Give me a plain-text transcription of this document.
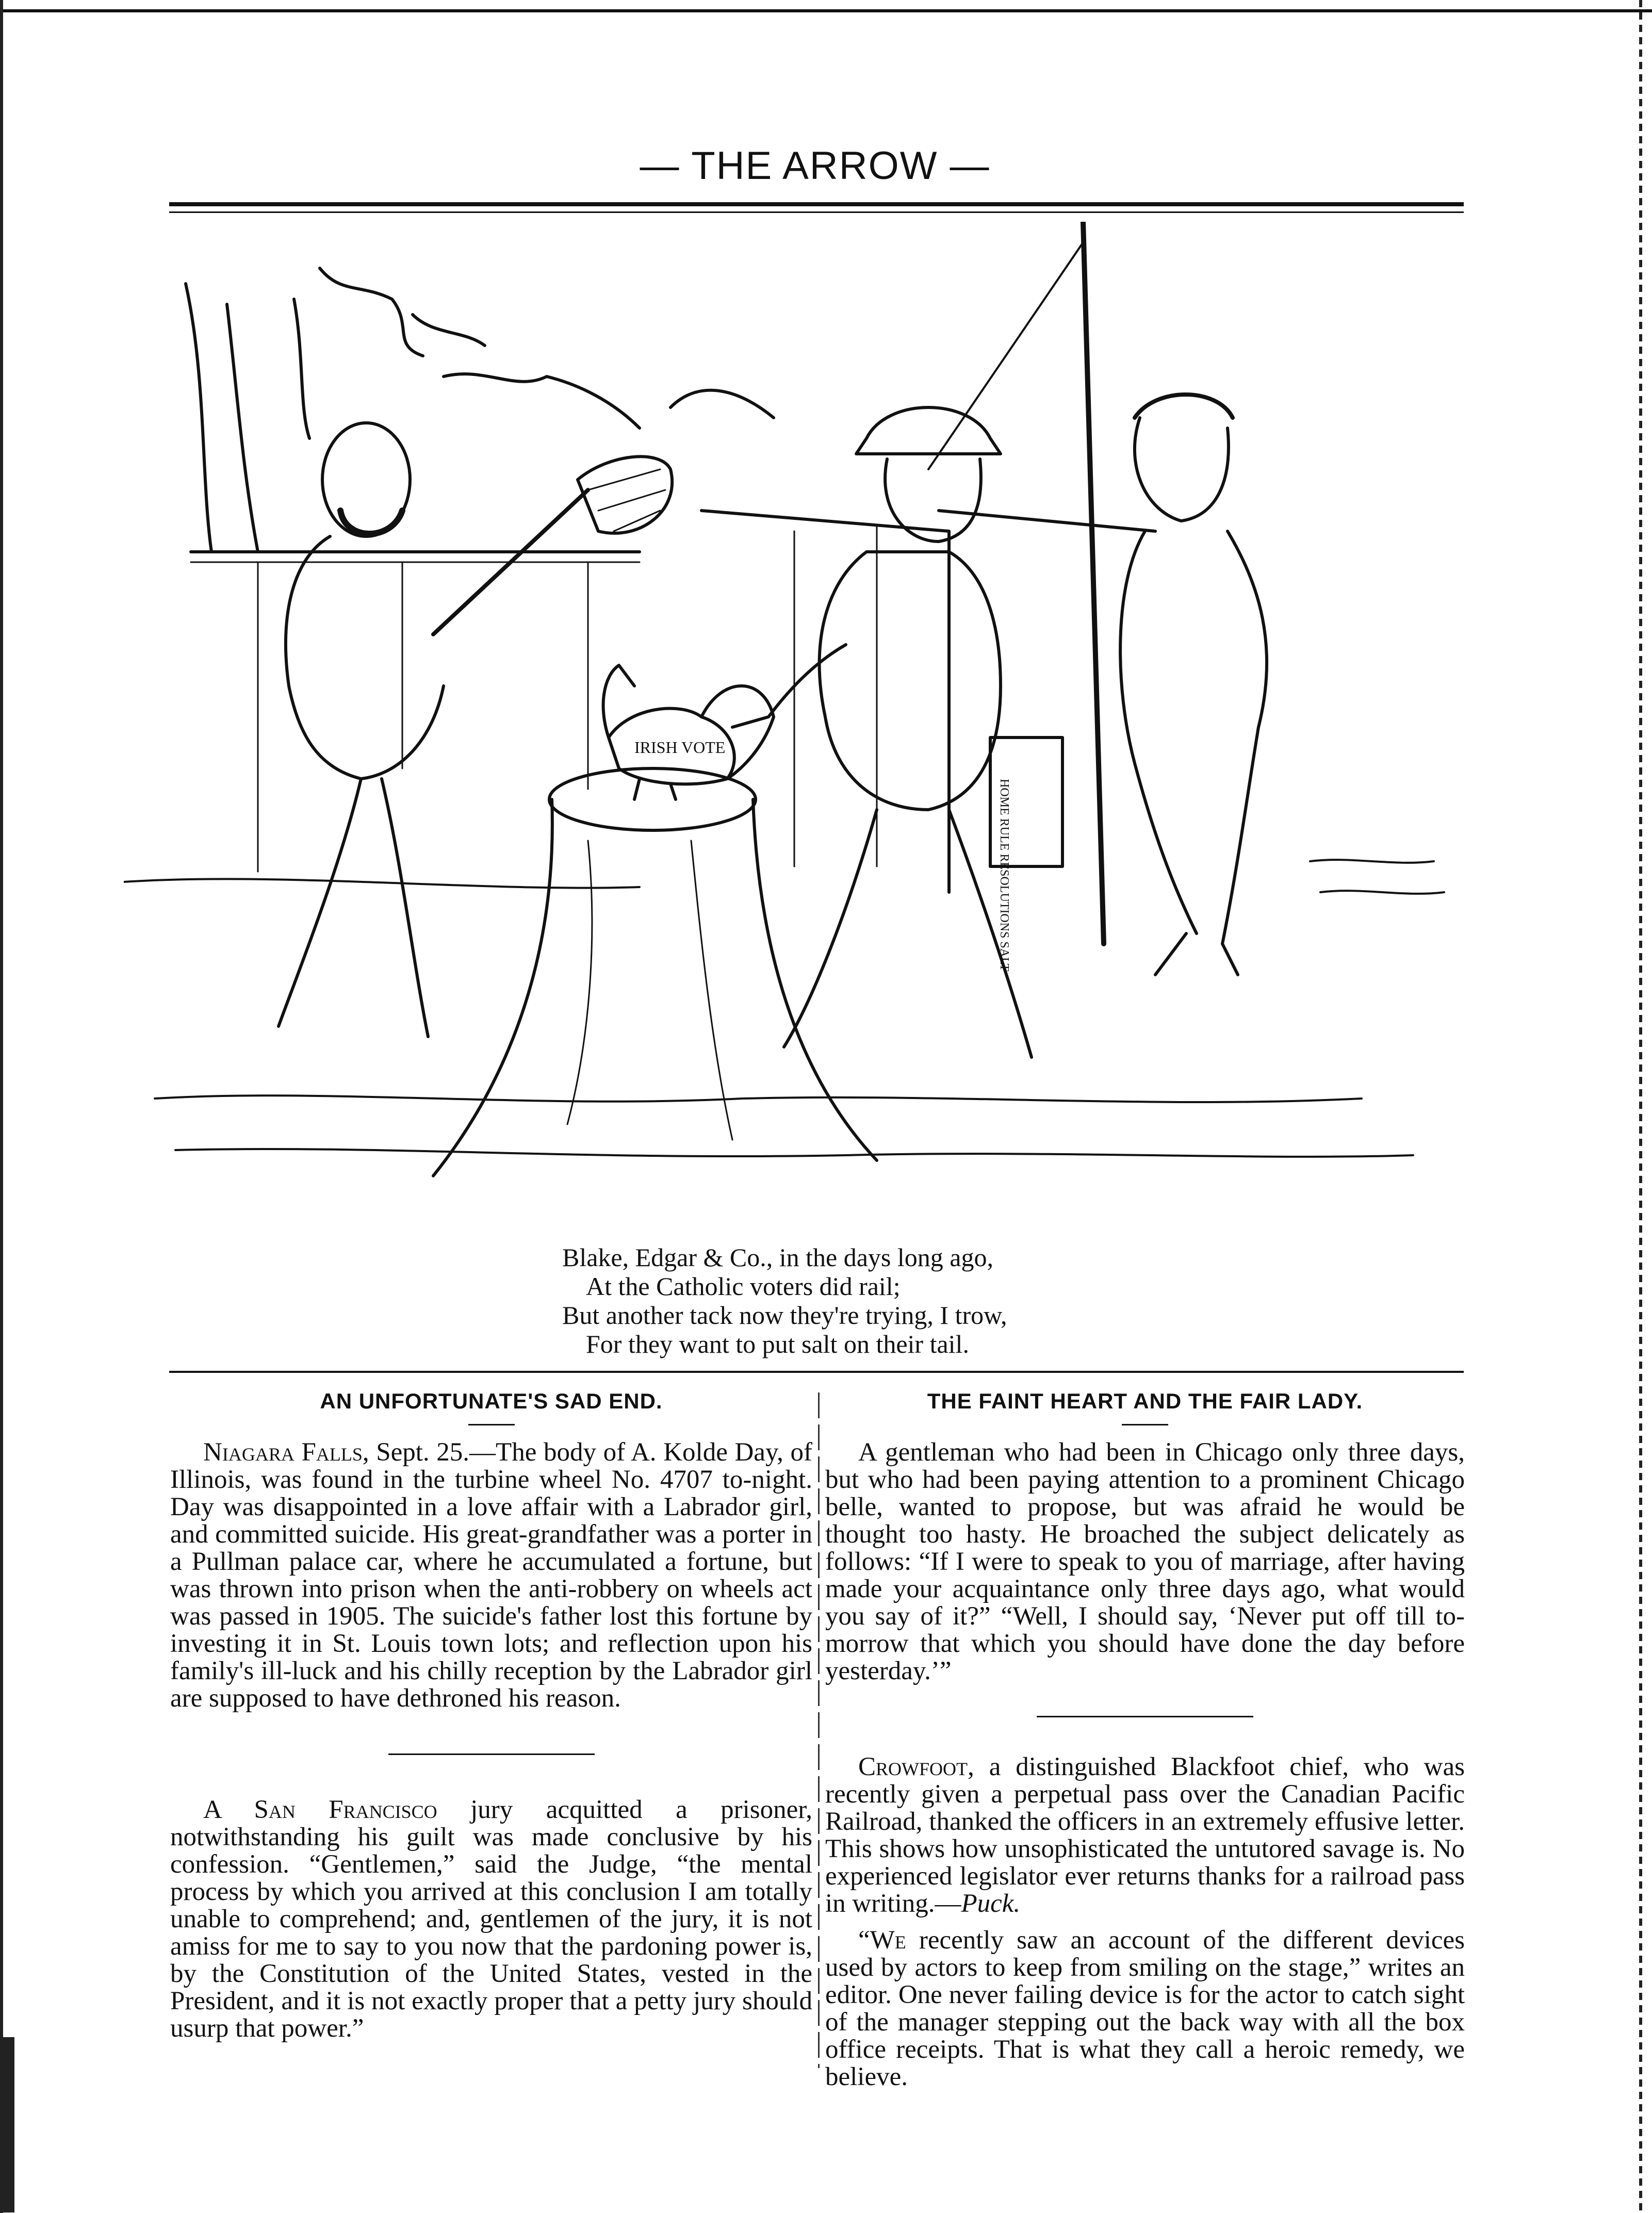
— THE ARROW —
IRISH VOTE
HOME RULE RESOLUTIONS SALT
Blake, Edgar & Co., in the days long ago,
At the Catholic voters did rail;
But another tack now they're trying, I trow,
For they want to put salt on their tail.
AN UNFORTUNATE'S SAD END.

Niagara Falls, Sept. 25.—The body of A. Kolde Day, of Illinois, was found in the turbine wheel No. 4707 to-night. Day was disappointed in a love affair with a Labrador girl, and committed suicide. His great-grandfather was a porter in a Pullman palace car, where he accumulated a fortune, but was thrown into prison when the anti-robbery on wheels act was passed in 1905. The suicide's father lost this fortune by investing it in St. Louis town lots; and reflection upon his family's ill-luck and his chilly reception by the Labrador girl are supposed to have dethroned his reason.

A San Francisco jury acquitted a prisoner, notwithstanding his guilt was made conclusive by his confession. “Gentlemen,” said the Judge, “the mental process by which you arrived at this conclusion I am totally unable to comprehend; and, gentlemen of the jury, it is not amiss for me to say to you now that the pardoning power is, by the Constitution of the United States, vested in the President, and it is not exactly proper that a petty jury should usurp that power.”

THE FAINT HEART AND THE FAIR LADY.

A gentleman who had been in Chicago only three days, but who had been paying attention to a prominent Chicago belle, wanted to propose, but was afraid he would be thought too hasty. He broached the subject delicately as follows: “If I were to speak to you of marriage, after having made your acquaintance only three days ago, what would you say of it?” “Well, I should say, ‘Never put off till to-morrow that which you should have done the day before yesterday.’”

Crowfoot, a distinguished Blackfoot chief, who was recently given a perpetual pass over the Canadian Pacific Railroad, thanked the officers in an extremely effusive letter. This shows how unsophisticated the untutored savage is. No experienced legislator ever returns thanks for a railroad pass in writing.—Puck.

“We recently saw an account of the different devices used by actors to keep from smiling on the stage,” writes an editor. One never failing device is for the actor to catch sight of the manager stepping out the back way with all the box office receipts. That is what they call a heroic remedy, we believe.
